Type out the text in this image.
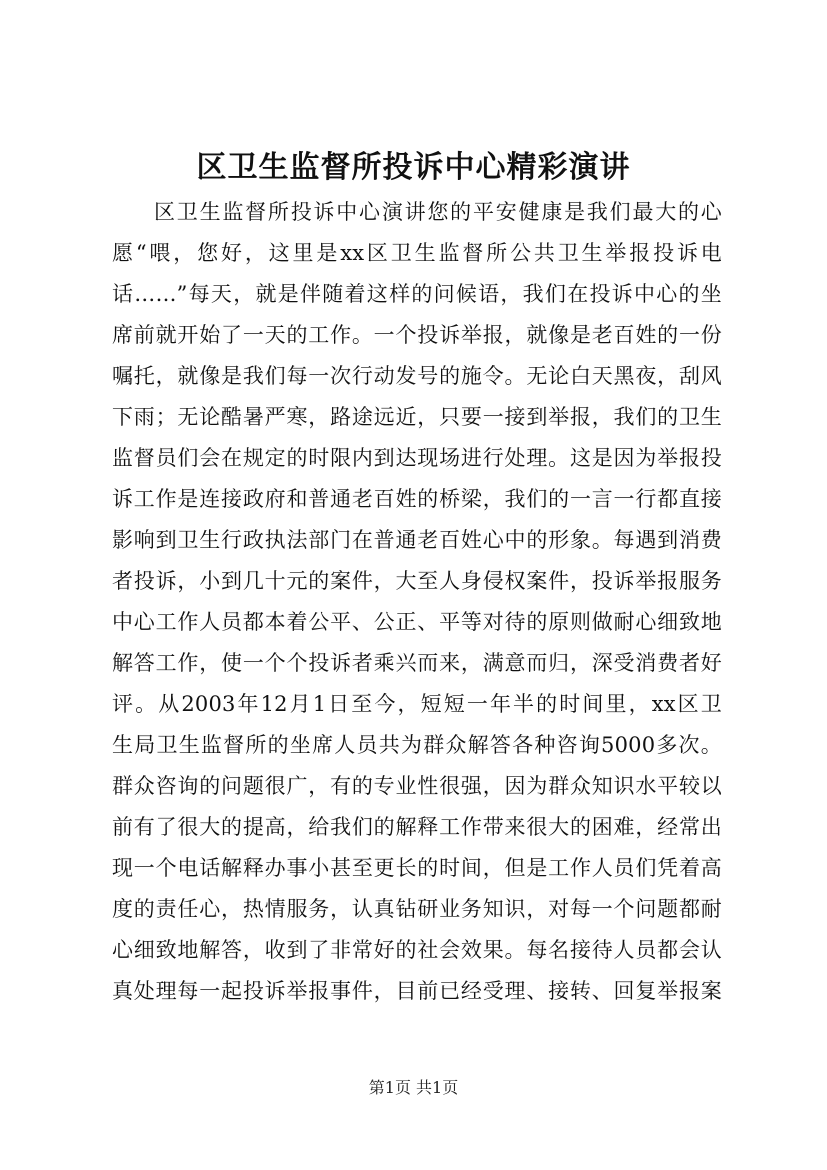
区卫生监督所投诉中心精彩演讲
区卫生监督所投诉中心演讲您的平安健康是我们最大的心
愿“喂，您好，这里是xx区卫生监督所公共卫生举报投诉电
话……”每天，就是伴随着这样的问候语，我们在投诉中心的坐
席前就开始了一天的工作。一个投诉举报，就像是老百姓的一份
嘱托，就像是我们每一次行动发号的施令。无论白天黑夜，刮风
下雨；无论酷暑严寒，路途远近，只要一接到举报，我们的卫生
监督员们会在规定的时限内到达现场进行处理。这是因为举报投
诉工作是连接政府和普通老百姓的桥梁，我们的一言一行都直接
影响到卫生行政执法部门在普通老百姓心中的形象。每遇到消费
者投诉，小到几十元的案件，大至人身侵权案件，投诉举报服务
中心工作人员都本着公平、公正、平等对待的原则做耐心细致地
解答工作，使一个个投诉者乘兴而来，满意而归，深受消费者好
评。从2003年12月1日至今，短短一年半的时间里，xx区卫
生局卫生监督所的坐席人员共为群众解答各种咨询5000多次。
群众咨询的问题很广，有的专业性很强，因为群众知识水平较以
前有了很大的提高，给我们的解释工作带来很大的困难，经常出
现一个电话解释办事小甚至更长的时间，但是工作人员们凭着高
度的责任心，热情服务，认真钻研业务知识，对每一个问题都耐
心细致地解答，收到了非常好的社会效果。每名接待人员都会认
真处理每一起投诉举报事件，目前已经受理、接转、回复举报案
第1页 共1页
